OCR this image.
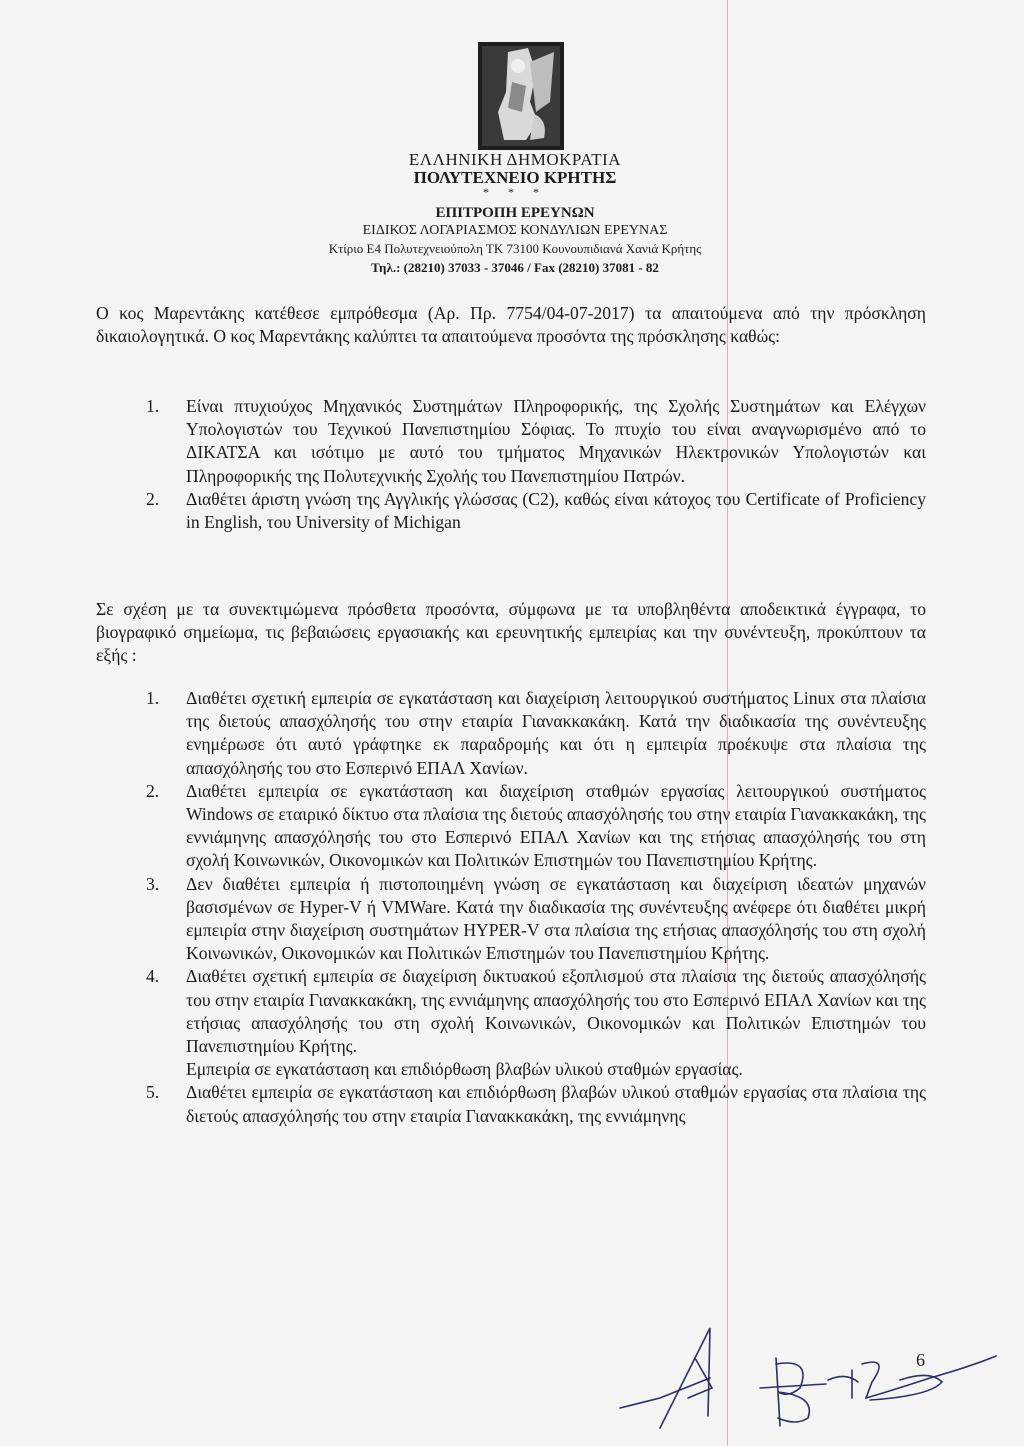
ΕΛΛΗΝΙΚΗ ΔΗΜΟΚΡΑΤΙΑ
ΠΟΛΥΤΕΧΝΕΙΟ ΚΡΗΤΗΣ
* * *
ΕΠΙΤΡΟΠΗ ΕΡΕΥΝΩΝ
ΕΙΔΙΚΟΣ ΛΟΓΑΡΙΑΣΜΟΣ ΚΟΝΔΥΛΙΩΝ ΕΡΕΥΝΑΣ
Κτίριο Ε4 Πολυτεχνειούπολη ΤΚ 73100 Κουνουπιδιανά Χανιά Κρήτης
Τηλ.: (28210) 37033 - 37046 / Fax (28210) 37081 - 82
Ο κος Μαρεντάκης κατέθεσε εμπρόθεσμα (Αρ. Πρ. 7754/04-07-2017) τα απαιτούμενα από την πρόσκληση δικαιολογητικά. Ο κος Μαρεντάκης καλύπτει τα απαιτούμενα προσόντα της πρόσκλησης καθώς:
1. Είναι πτυχιούχος Μηχανικός Συστημάτων Πληροφορικής, της Σχολής Συστημάτων και Ελέγχων Υπολογιστών του Τεχνικού Πανεπιστημίου Σόφιας. Το πτυχίο του είναι αναγνωρισμένο από το ΔΙΚΑΤΣΑ και ισότιμο με αυτό του τμήματος Μηχανικών Ηλεκτρονικών Υπολογιστών και Πληροφορικής της Πολυτεχνικής Σχολής του Πανεπιστημίου Πατρών.
2. Διαθέτει άριστη γνώση της Αγγλικής γλώσσας (C2), καθώς είναι κάτοχος του Certificate of Proficiency in English, του University of Michigan
Σε σχέση με τα συνεκτιμώμενα πρόσθετα προσόντα, σύμφωνα με τα υποβληθέντα αποδεικτικά έγγραφα, το βιογραφικό σημείωμα, τις βεβαιώσεις εργασιακής και ερευνητικής εμπειρίας και την συνέντευξη, προκύπτουν τα εξής :
1. Διαθέτει σχετική εμπειρία σε εγκατάσταση και διαχείριση λειτουργικού συστήματος Linux στα πλαίσια της διετούς απασχόλησής του στην εταιρία Γιανακκακάκη. Κατά την διαδικασία της συνέντευξης ενημέρωσε ότι αυτό γράφτηκε εκ παραδρομής και ότι η εμπειρία προέκυψε στα πλαίσια της απασχόλησής του στο Εσπερινό ΕΠΑΛ Χανίων.
2. Διαθέτει εμπειρία σε εγκατάσταση και διαχείριση σταθμών εργασίας λειτουργικού συστήματος Windows σε εταιρικό δίκτυο στα πλαίσια της διετούς απασχόλησής του στην εταιρία Γιανακκακάκη, της εννιάμηνης απασχόλησής του στο Εσπερινό ΕΠΑΛ Χανίων και της ετήσιας απασχόλησής του στη σχολή Κοινωνικών, Οικονομικών και Πολιτικών Επιστημών του Πανεπιστημίου Κρήτης.
3. Δεν διαθέτει εμπειρία ή πιστοποιημένη γνώση σε εγκατάσταση και διαχείριση ιδεατών μηχανών βασισμένων σε Hyper-V ή VMWare. Κατά την διαδικασία της συνέντευξης ανέφερε ότι διαθέτει μικρή εμπειρία στην διαχείριση συστημάτων HYPER-V στα πλαίσια της ετήσιας απασχόλησής του στη σχολή Κοινωνικών, Οικονομικών και Πολιτικών Επιστημών του Πανεπιστημίου Κρήτης.
4. Διαθέτει σχετική εμπειρία σε διαχείριση δικτυακού εξοπλισμού στα πλαίσια της διετούς απασχόλησής του στην εταιρία Γιανακκακάκη, της εννιάμηνης απασχόλησής του στο Εσπερινό ΕΠΑΛ Χανίων και της ετήσιας απασχόλησής του στη σχολή Κοινωνικών, Οικονομικών και Πολιτικών Επιστημών του Πανεπιστημίου Κρήτης.
Εμπειρία σε εγκατάσταση και επιδιόρθωση βλαβών υλικού σταθμών εργασίας.
5. Διαθέτει εμπειρία σε εγκατάσταση και επιδιόρθωση βλαβών υλικού σταθμών εργασίας στα πλαίσια της διετούς απασχόλησής του στην εταιρία Γιανακκακάκη, της εννιάμηνης
6
